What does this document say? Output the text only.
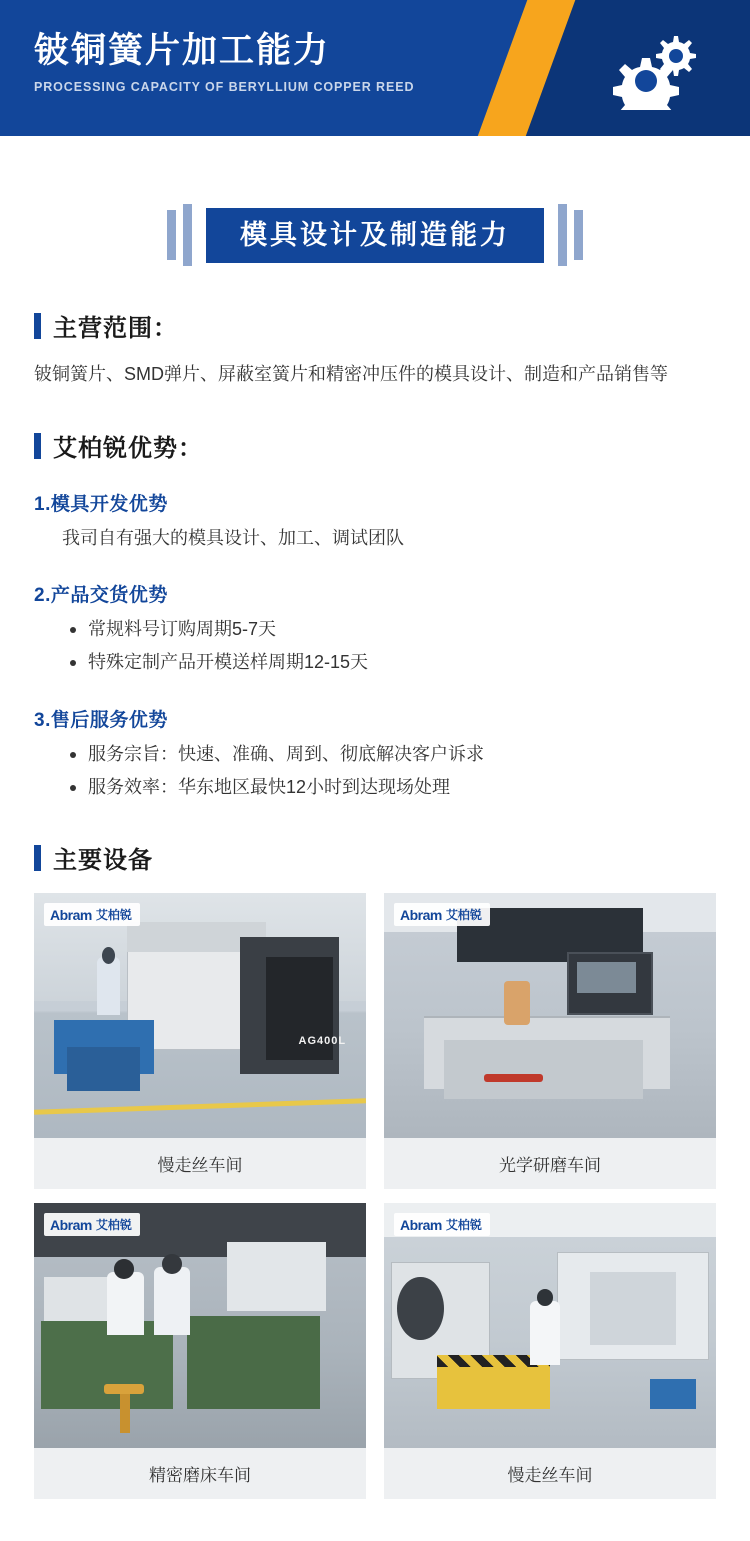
铍铜簧片加工能力
PROCESSING CAPACITY OF BERYLLIUM COPPER REED
模具设计及制造能力
主营范围：
铍铜簧片、SMD弹片、屏蔽室簧片和精密冲压件的模具设计、制造和产品销售等
艾柏锐优势：
1.模具开发优势
我司自有强大的模具设计、加工、调试团队
2.产品交货优势
常规料号订购周期5-7天
特殊定制产品开模送样周期12-15天
3.售后服务优势
服务宗旨：快速、准确、周到、彻底解决客户诉求
服务效率：华东地区最快12小时到达现场处理
主要设备
AG400L
Abram 艾柏锐
慢走丝车间
Abram 艾柏锐
光学研磨车间
Abram 艾柏锐
精密磨床车间
Abram 艾柏锐
慢走丝车间
